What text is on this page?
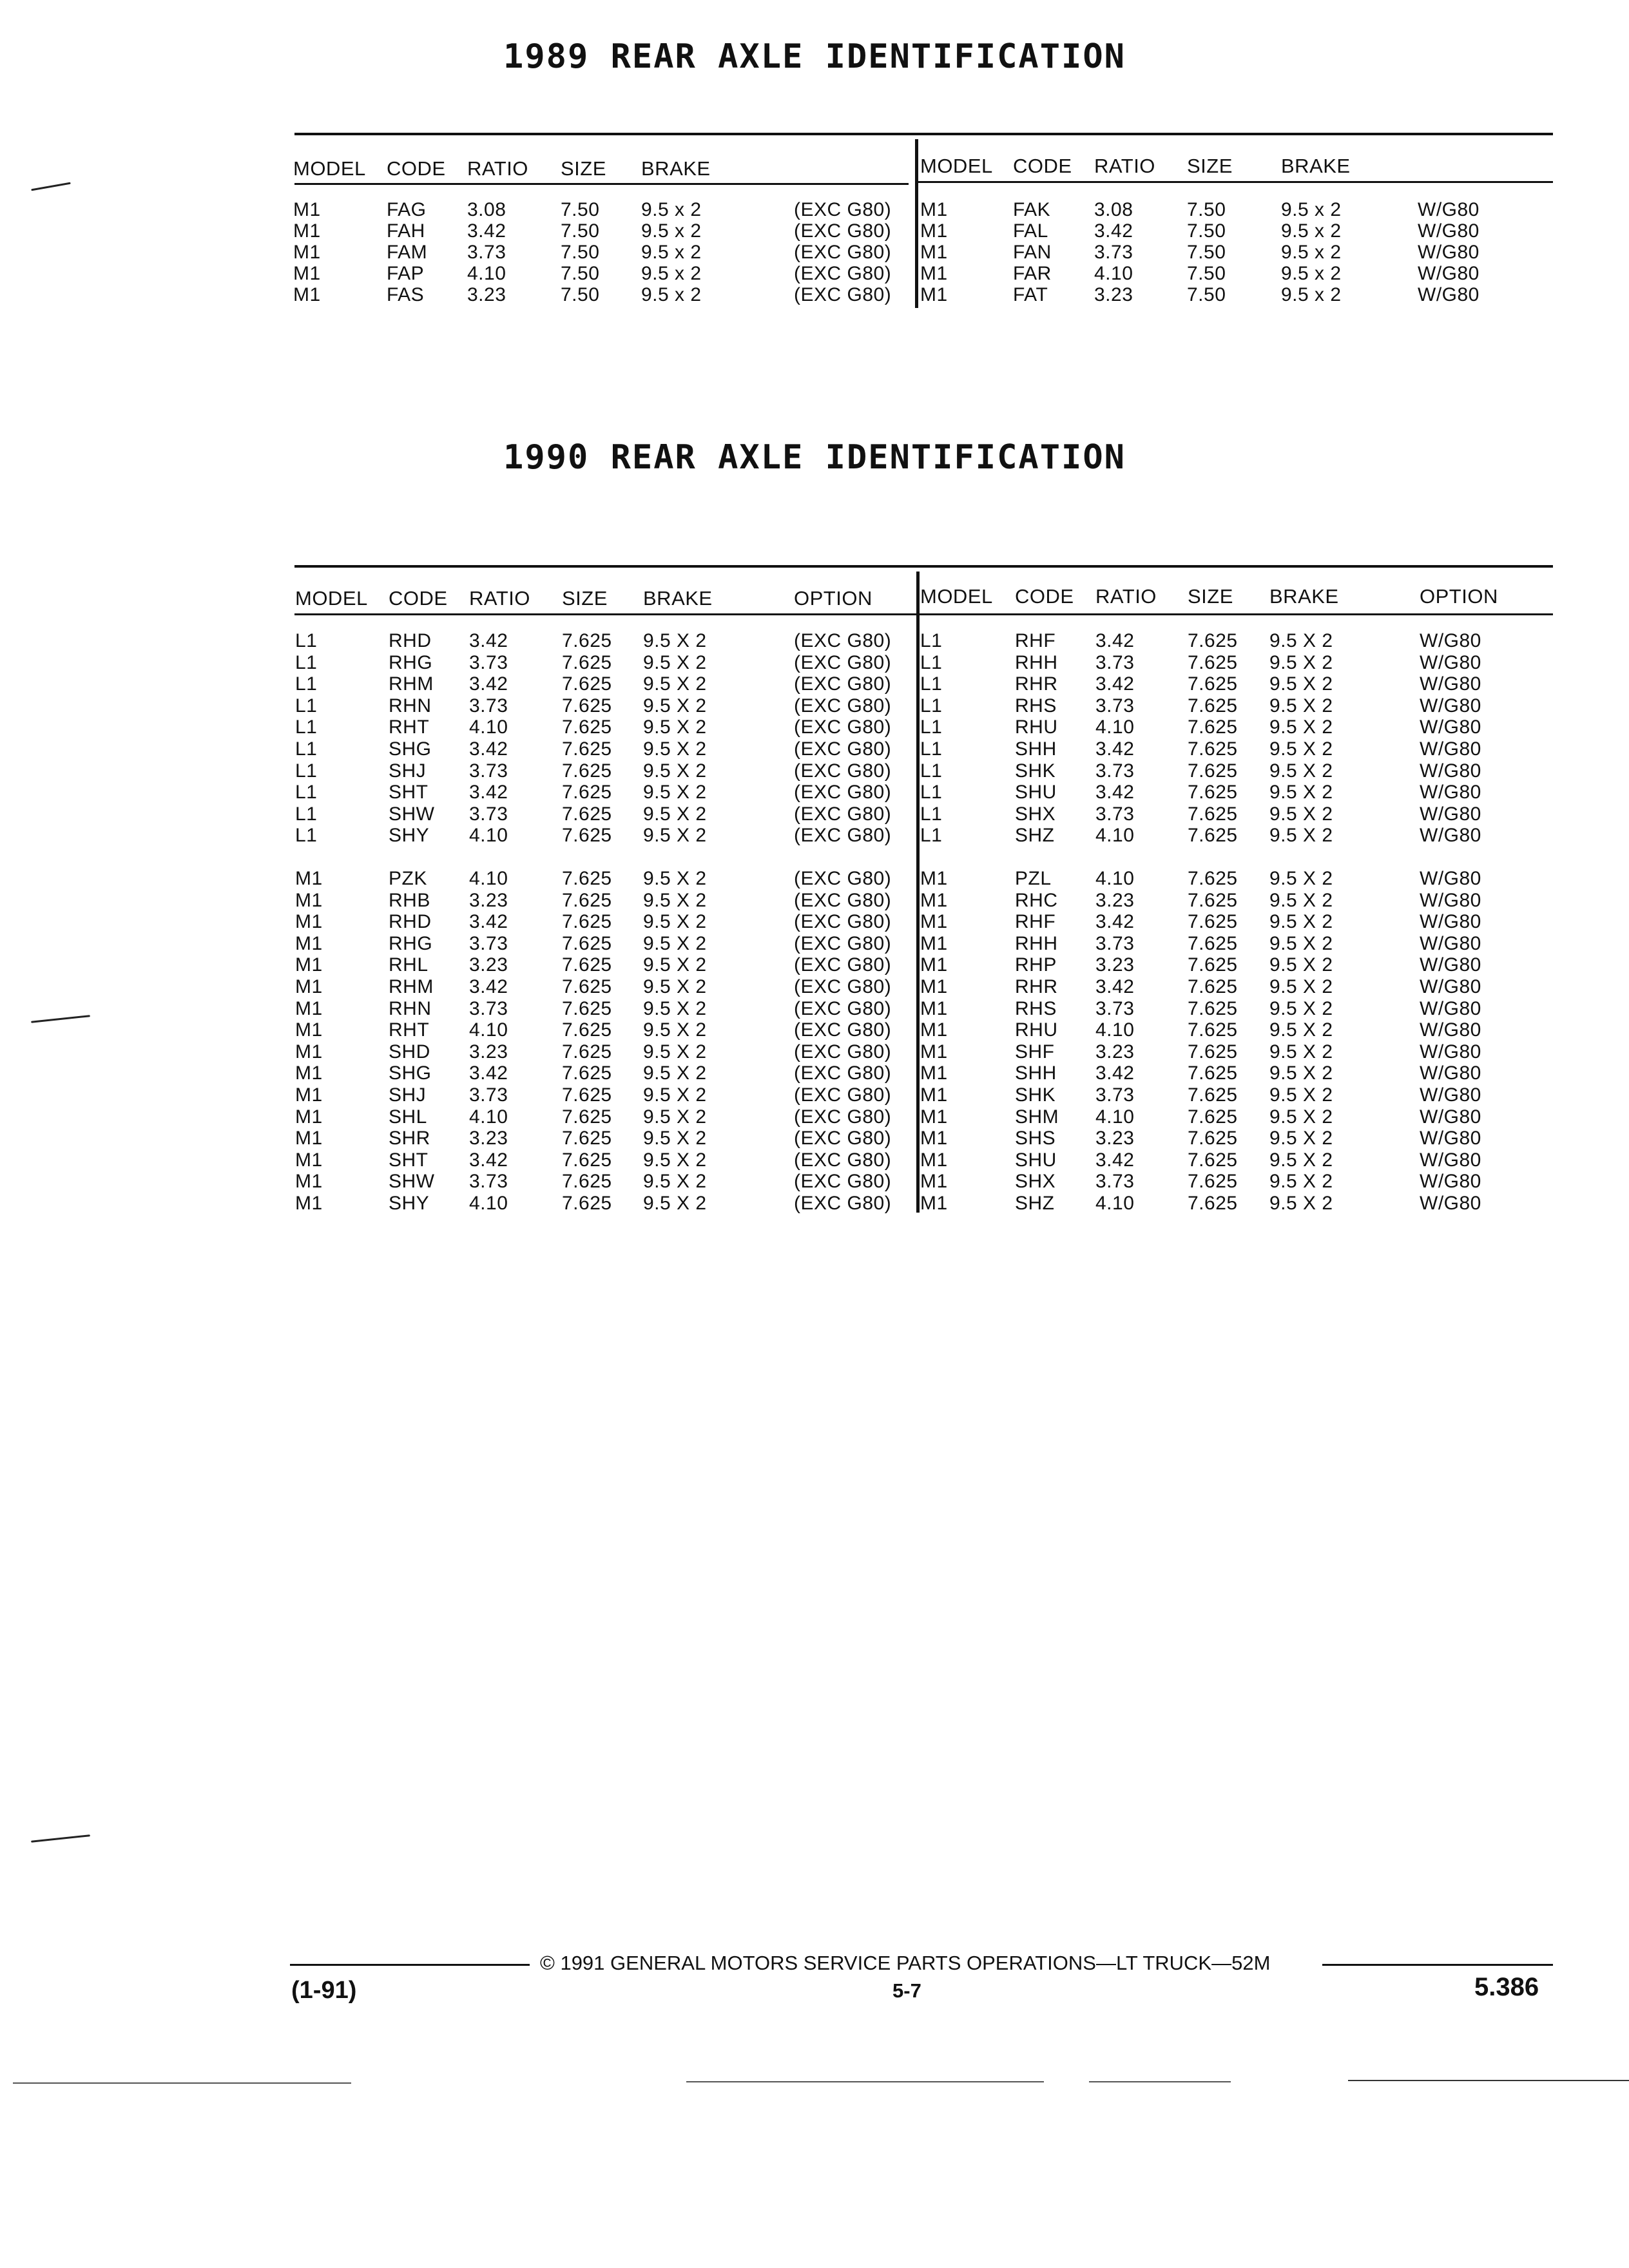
1989 REAR AXLE IDENTIFICATION
MODEL CODE RATIO SIZE BRAKE	MODEL CODE RATIO SIZE BRAKE
M1	FAG 3.08	7.50 9.5 x 2	(EXC G80)
M1	FAH 3.42	7.50 9.5 x 2	(EXC G80)
M1	FAM 3.73	7.50 9.5 x 2	(EXC G80)
M1	FAP 4.10	7.50 9.5 x 2	(EXC G80)
M1	FAS 3.23	7.50 9.5 x 2	(EXC G80)
M1	FAK 3.08	7.50	9.5 x 2	W/G80
M1	FAL 3.42	7.50	9.5 x 2	W/G80
M1	FAN 3.73	7.50	9.5 x 2	W/G80
M1	FAR 4.10	7.50	9.5 x 2	W/G80
M1	FAT 3.23	7.50	9.5 x 2	W/G80
1990 REAR AXLE IDENTIFICATION
MODEL CODE RATIO SIZE BRAKE	OPTION MODEL CODE RATIO SIZE BRAKE	OPTION
L1	RHD 3.42	7.625 9.5 X 2	(EXC G80)
L1	RHG 3.73	7.625 9.5 X 2	(EXC G80)
L1	RHM 3.42	7.625 9.5 X 2	(EXC G80)
L1	RHN 3.73	7.625 9.5 X 2	(EXC G80)
L1	RHT 4.10	7.625 9.5 X 2	(EXC G80)
L1	SHG 3.42	7.625 9.5 X 2	(EXC G80)
L1	SHJ 3.73	7.625 9.5 X 2	(EXC G80)
L1	SHT 3.42	7.625 9.5 X 2	(EXC G80)
L1	SHW 3.73	7.625 9.5 X 2	(EXC G80)
L1	SHY 4.10	7.625 9.5 X 2	(EXC G80)
L1	RHF 3.42	7.625 9.5 X 2	W/G80
L1	RHH 3.73	7.625 9.5 X 2	W/G80
L1	RHR 3.42	7.625 9.5 X 2	W/G80
L1	RHS 3.73	7.625 9.5 X 2	W/G80
L1	RHU 4.10	7.625 9.5 X 2	W/G80
L1	SHH 3.42	7.625 9.5 X 2	W/G80
L1	SHK 3.73	7.625 9.5 X 2	W/G80
L1	SHU 3.42	7.625 9.5 X 2	W/G80
L1	SHX 3.73	7.625 9.5 X 2	W/G80
L1	SHZ 4.10	7.625 9.5 X 2	W/G80
M1	PZK 4.10	7.625 9.5 X 2	(EXC G80)
M1	RHB 3.23	7.625 9.5 X 2	(EXC G80)
M1	RHD 3.42	7.625 9.5 X 2	(EXC G80)
M1	RHG 3.73	7.625 9.5 X 2	(EXC G80)
M1	RHL 3.23	7.625 9.5 X 2	(EXC G80)
M1	RHM 3.42	7.625 9.5 X 2	(EXC G80)
M1	RHN 3.73	7.625 9.5 X 2	(EXC G80)
M1	RHT 4.10	7.625 9.5 X 2	(EXC G80)
M1	SHD 3.23	7.625 9.5 X 2	(EXC G80)
M1	SHG 3.42	7.625 9.5 X 2	(EXC G80)
M1	SHJ 3.73	7.625 9.5 X 2	(EXC G80)
M1	SHL 4.10	7.625 9.5 X 2	(EXC G80)
M1	SHR 3.23	7.625 9.5 X 2	(EXC G80)
M1	SHT 3.42	7.625 9.5 X 2	(EXC G80)
M1	SHW 3.73	7.625 9.5 X 2	(EXC G80)
M1	SHY 4.10	7.625 9.5 X 2	(EXC G80)
M1	PZL 4.10	7.625 9.5 X 2	W/G80
M1	RHC 3.23	7.625 9.5 X 2	W/G80
M1	RHF 3.42	7.625 9.5 X 2	W/G80
M1	RHH 3.73	7.625 9.5 X 2	W/G80
M1	RHP 3.23	7.625 9.5 X 2	W/G80
M1	RHR 3.42	7.625 9.5 X 2	W/G80
M1	RHS 3.73	7.625 9.5 X 2	W/G80
M1	RHU 4.10	7.625 9.5 X 2	W/G80
M1	SHF 3.23	7.625 9.5 X 2	W/G80
M1	SHH 3.42	7.625 9.5 X 2	W/G80
M1	SHK 3.73	7.625 9.5 X 2	W/G80
M1	SHM 4.10	7.625 9.5 X 2	W/G80
M1	SHS 3.23	7.625 9.5 X 2	W/G80
M1	SHU 3.42	7.625 9.5 X 2	W/G80
M1	SHX 3.73	7.625 9.5 X 2	W/G80
M1	SHZ 4.10	7.625 9.5 X 2	W/G80
© 1991 GENERAL MOTORS SERVICE PARTS OPERATIONS—LT TRUCK—52M
(1-91)	5-7	5.386
